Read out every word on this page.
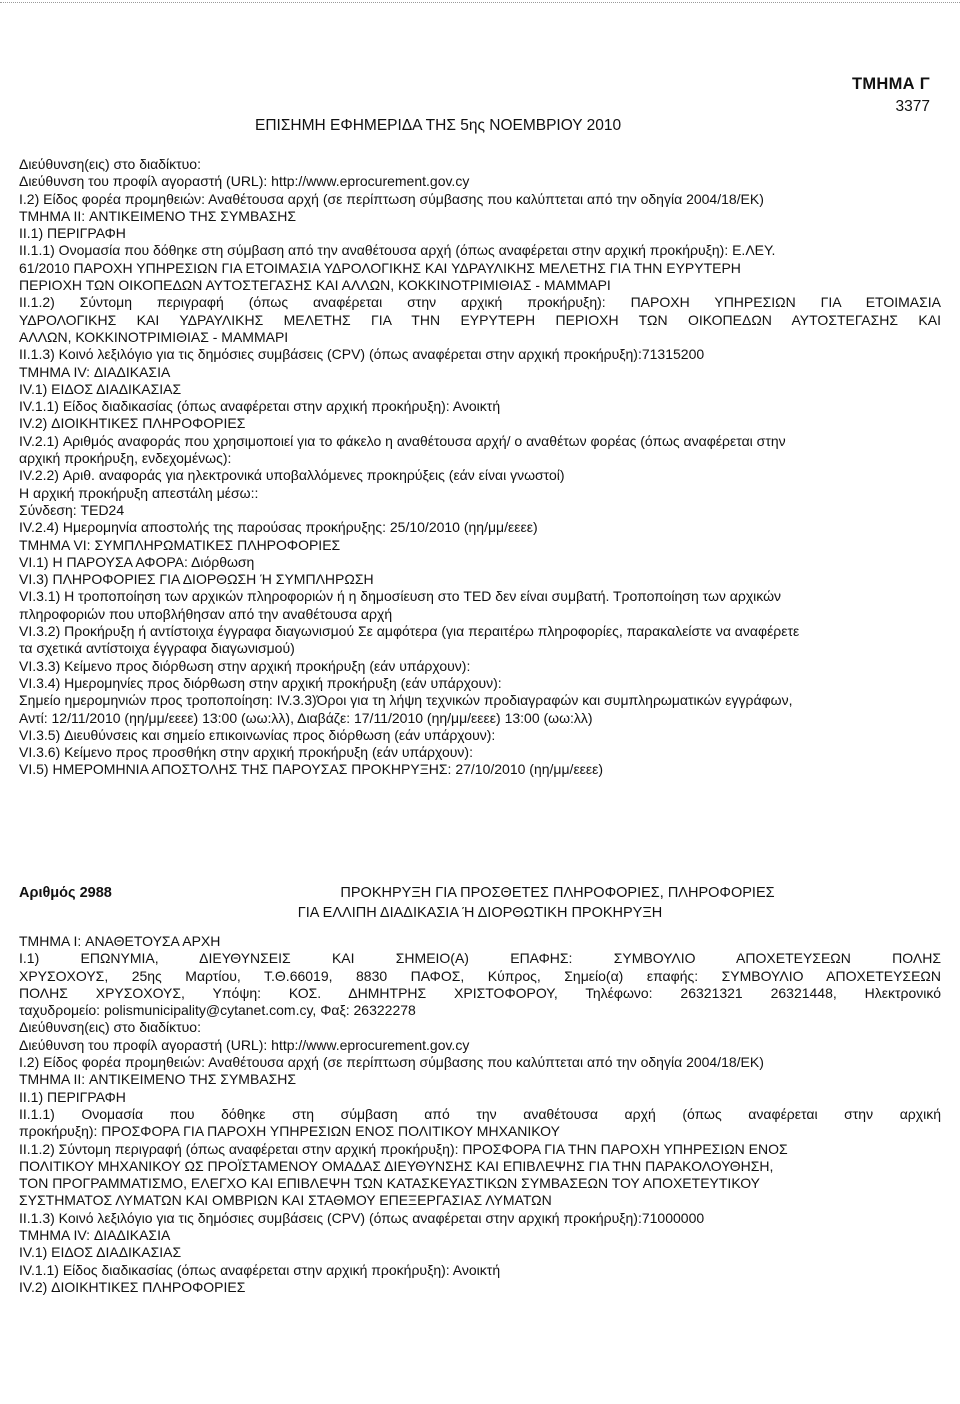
ΤΜΗΜΑ Γ
3377
ΕΠΙΣΗΜΗ ΕΦΗΜΕΡΙΔΑ ΤΗΣ 5ης ΝΟΕΜΒΡΙΟΥ 2010
Διεύθυνση(εις) στο διαδίκτυο:
Διεύθυνση του προφίλ αγοραστή (URL): http://www.eprocurement.gov.cy
I.2) Είδος φορέα προμηθειών: Αναθέτουσα αρχή (σε περίπτωση σύμβασης που καλύπτεται από την οδηγία 2004/18/ΕΚ)
ΤΜΗΜΑ II: ΑΝΤΙΚΕΙΜΕΝΟ ΤΗΣ ΣΥΜΒΑΣΗΣ
II.1) ΠΕΡΙΓΡΑΦΗ
II.1.1) Ονομασία που δόθηκε στη σύμβαση από την αναθέτουσα αρχή (όπως αναφέρεται στην αρχική προκήρυξη): Ε.ΛΕΥ.
61/2010 ΠΑΡΟΧΗ ΥΠΗΡΕΣΙΩΝ ΓΙΑ ΕΤΟΙΜΑΣΙΑ ΥΔΡΟΛΟΓΙΚΗΣ ΚΑΙ ΥΔΡΑΥΛΙΚΗΣ ΜΕΛΕΤΗΣ ΓΙΑ ΤΗΝ ΕΥΡΥΤΕΡΗ
ΠΕΡΙΟΧΗ ΤΩΝ ΟΙΚΟΠΕΔΩΝ ΑΥΤΟΣΤΕΓΑΣΗΣ ΚΑΙ ΑΛΛΩΝ, ΚΟΚΚΙΝΟΤΡΙΜΙΘΙΑΣ - ΜΑΜΜΑΡΙ
II.1.2) Σύντομη περιγραφή (όπως αναφέρεται στην αρχική προκήρυξη): ΠΑΡΟΧΗ ΥΠΗΡΕΣΙΩΝ ΓΙΑ ΕΤΟΙΜΑΣΙΑ
ΥΔΡΟΛΟΓΙΚΗΣ ΚΑΙ ΥΔΡΑΥΛΙΚΗΣ ΜΕΛΕΤΗΣ ΓΙΑ ΤΗΝ ΕΥΡΥΤΕΡΗ ΠΕΡΙΟΧΗ ΤΩΝ ΟΙΚΟΠΕΔΩΝ ΑΥΤΟΣΤΕΓΑΣΗΣ ΚΑΙ
ΑΛΛΩΝ, ΚΟΚΚΙΝΟΤΡΙΜΙΘΙΑΣ - ΜΑΜΜΑΡΙ
II.1.3) Κοινό λεξιλόγιο για τις δημόσιες συμβάσεις (CPV) (όπως αναφέρεται στην αρχική προκήρυξη):71315200
ΤΜΗΜΑ IV: ΔΙΑΔΙΚΑΣΙΑ
IV.1) ΕΙΔΟΣ ΔΙΑΔΙΚΑΣΙΑΣ
IV.1.1) Είδος διαδικασίας (όπως αναφέρεται στην αρχική προκήρυξη): Ανοικτή
IV.2) ΔΙΟΙΚΗΤΙΚΕΣ ΠΛΗΡΟΦΟΡΙΕΣ
IV.2.1) Αριθμός αναφοράς που χρησιμοποιεί για το φάκελο η αναθέτουσα αρχή/ ο αναθέτων φορέας (όπως αναφέρεται στην
αρχική προκήρυξη, ενδεχομένως):
IV.2.2) Αριθ. αναφοράς για ηλεκτρονικά υποβαλλόμενες προκηρύξεις (εάν είναι γνωστοί)
Η αρχική προκήρυξη απεστάλη μέσω::
Σύνδεση: TED24
IV.2.4) Ημερομηνία αποστολής της παρούσας προκήρυξης: 25/10/2010 (ηη/μμ/εεεε)
ΤΜΗΜΑ VI: ΣΥΜΠΛΗΡΩΜΑΤΙΚΕΣ ΠΛΗΡΟΦΟΡΙΕΣ
VI.1) Η ΠΑΡΟΥΣΑ ΑΦΟΡΑ: Διόρθωση
VI.3) ΠΛΗΡΟΦΟΡΙΕΣ ΓΙΑ ΔΙΟΡΘΩΣΗ Ή ΣΥΜΠΛΗΡΩΣΗ
VI.3.1) Η τροποποίηση των αρχικών πληροφοριών ή η δημοσίευση στο TED δεν είναι συμβατή. Τροποποίηση των αρχικών
πληροφοριών που υποβλήθησαν από την αναθέτουσα αρχή
VI.3.2) Προκήρυξη ή αντίστοιχα έγγραφα διαγωνισμού Σε αμφότερα (για περαιτέρω πληροφορίες, παρακαλείστε να αναφέρετε
τα σχετικά αντίστοιχα έγγραφα διαγωνισμού)
VI.3.3) Κείμενο προς διόρθωση στην αρχική προκήρυξη (εάν υπάρχουν):
VI.3.4) Ημερομηνίες προς διόρθωση στην αρχική προκήρυξη (εάν υπάρχουν):
Σημείο ημερομηνιών προς τροποποίηση: IV.3.3)Όροι για τη λήψη τεχνικών προδιαγραφών και συμπληρωματικών εγγράφων,
Αντί: 12/11/2010 (ηη/μμ/εεεε) 13:00 (ωω:λλ), Διαβάζε: 17/11/2010 (ηη/μμ/εεεε) 13:00 (ωω:λλ)
VI.3.5) Διευθύνσεις και σημείο επικοινωνίας προς διόρθωση (εάν υπάρχουν):
VI.3.6) Κείμενο προς προσθήκη στην αρχική προκήρυξη (εάν υπάρχουν):
VI.5) ΗΜΕΡΟΜΗΝΙΑ ΑΠΟΣΤΟΛΗΣ ΤΗΣ ΠΑΡΟΥΣΑΣ ΠΡΟΚΗΡΥΞΗΣ: 27/10/2010 (ηη/μμ/εεεε)
Αριθμός 2988	ΠΡΟΚΗΡΥΞΗ ΓΙΑ ΠΡΟΣΘΕΤΕΣ ΠΛΗΡΟΦΟΡΙΕΣ, ΠΛΗΡΟΦΟΡΙΕΣ
ΓΙΑ ΕΛΛΙΠΗ ΔΙΑΔΙΚΑΣΙΑ Ή ΔΙΟΡΘΩΤΙΚΗ ΠΡΟΚΗΡΥΞΗ
ΤΜΗΜΑ I: ΑΝΑΘΕΤΟΥΣΑ ΑΡΧΗ
I.1) ΕΠΩΝΥΜΙΑ, ΔΙΕΥΘΥΝΣΕΙΣ ΚΑΙ ΣΗΜΕΙΟ(Α) ΕΠΑΦΗΣ: ΣΥΜΒΟΥΛΙΟ ΑΠΟΧΕΤΕΥΣΕΩΝ ΠΟΛΗΣ
ΧΡΥΣΟΧΟΥΣ, 25ης Μαρτίου, Τ.Θ.66019, 8830 ΠΑΦΟΣ, Κύπρος, Σημείο(α) επαφής: ΣΥΜΒΟΥΛΙΟ ΑΠΟΧΕΤΕΥΣΕΩΝ
ΠΟΛΗΣ ΧΡΥΣΟΧΟΥΣ, Υπόψη: ΚΟΣ. ΔΗΜΗΤΡΗΣ ΧΡΙΣΤΟΦΟΡΟΥ, Τηλέφωνο: 26321321 26321448, Ηλεκτρονικό
ταχυδρομείο: polismunicipality@cytanet.com.cy, Φαξ: 26322278
Διεύθυνση(εις) στο διαδίκτυο:
Διεύθυνση του προφίλ αγοραστή (URL): http://www.eprocurement.gov.cy
I.2) Είδος φορέα προμηθειών: Αναθέτουσα αρχή (σε περίπτωση σύμβασης που καλύπτεται από την οδηγία 2004/18/ΕΚ)
ΤΜΗΜΑ II: ΑΝΤΙΚΕΙΜΕΝΟ ΤΗΣ ΣΥΜΒΑΣΗΣ
II.1) ΠΕΡΙΓΡΑΦΗ
II.1.1) Ονομασία που δόθηκε στη σύμβαση από την αναθέτουσα αρχή (όπως αναφέρεται στην αρχική
προκήρυξη): ΠΡΟΣΦΟΡΑ ΓΙΑ ΠΑΡΟΧΗ ΥΠΗΡΕΣΙΩΝ ΕΝΟΣ ΠΟΛΙΤΙΚΟΥ ΜΗΧΑΝΙΚΟΥ
II.1.2) Σύντομη περιγραφή (όπως αναφέρεται στην αρχική προκήρυξη): ΠΡΟΣΦΟΡΑ ΓΙΑ ΤΗΝ ΠΑΡΟΧΗ ΥΠΗΡΕΣΙΩΝ ΕΝΟΣ
ΠΟΛΙΤΙΚΟΥ ΜΗΧΑΝΙΚΟΥ ΩΣ ΠΡΟΪΣΤΑΜΕΝΟΥ ΟΜΑΔΑΣ ΔΙΕΥΘΥΝΣΗΣ ΚΑΙ ΕΠΙΒΛΕΨΗΣ ΓΙΑ ΤΗΝ ΠΑΡΑΚΟΛΟΥΘΗΣΗ,
ΤΟΝ ΠΡΟΓΡΑΜΜΑΤΙΣΜΟ, ΕΛΕΓΧΟ ΚΑΙ ΕΠΙΒΛΕΨΗ ΤΩΝ ΚΑΤΑΣΚΕΥΑΣΤΙΚΩΝ ΣΥΜΒΑΣΕΩΝ ΤΟΥ ΑΠΟΧΕΤΕΥΤΙΚΟΥ
ΣΥΣΤΗΜΑΤΟΣ ΛΥΜΑΤΩΝ ΚΑΙ ΟΜΒΡΙΩΝ ΚΑΙ ΣΤΑΘΜΟΥ ΕΠΕΞΕΡΓΑΣΙΑΣ ΛΥΜΑΤΩΝ
II.1.3) Κοινό λεξιλόγιο για τις δημόσιες συμβάσεις (CPV) (όπως αναφέρεται στην αρχική προκήρυξη):71000000
ΤΜΗΜΑ IV: ΔΙΑΔΙΚΑΣΙΑ
IV.1) ΕΙΔΟΣ ΔΙΑΔΙΚΑΣΙΑΣ
IV.1.1) Είδος διαδικασίας (όπως αναφέρεται στην αρχική προκήρυξη): Ανοικτή
IV.2) ΔΙΟΙΚΗΤΙΚΕΣ ΠΛΗΡΟΦΟΡΙΕΣ
